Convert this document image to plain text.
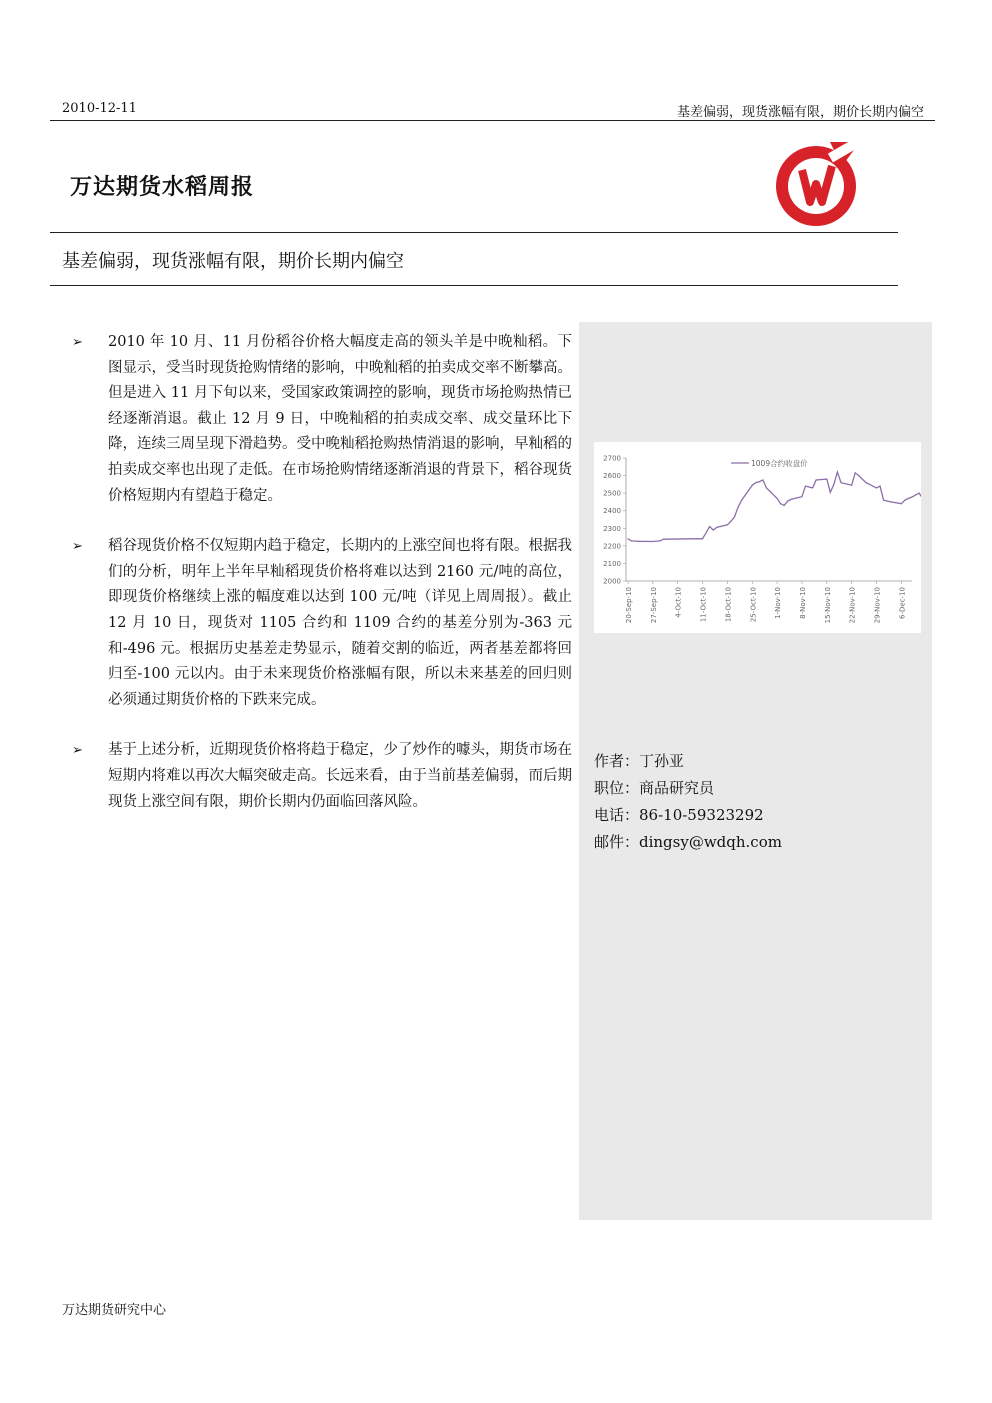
2010-12-11	基差偏弱，现货涨幅有限，期价长期内偏空
万达期货水稻周报
基差偏弱，现货涨幅有限，期价长期内偏空
➢	2010 年 10 月、11 月份稻谷价格大幅度走高的领头羊是中晚籼稻。下图显示，受当时现货抢购情绪的影响，中晚籼稻的拍卖成交率不断攀高。但是进入 11 月下旬以来，受国家政策调控的影响，现货市场抢购热情已经逐渐消退。截止 12 月 9 日，中晚籼稻的拍卖成交率、成交量环比下降，连续三周呈现下滑趋势。受中晚籼稻抢购热情消退的影响，早籼稻的拍卖成交率也出现了走低。在市场抢购情绪逐渐消退的背景下，稻谷现货价格短期内有望趋于稳定。
➢	稻谷现货价格不仅短期内趋于稳定，长期内的上涨空间也将有限。根据我们的分析，明年上半年早籼稻现货价格将难以达到 2160 元/吨的高位，即现货价格继续上涨的幅度难以达到 100 元/吨（详见上周周报）。截止 12 月 10 日，现货对 1105 合约和 1109 合约的基差分别为-363 元和-496 元。根据历史基差走势显示，随着交割的临近，两者基差都将回归至-100 元以内。由于未来现货价格涨幅有限，所以未来基差的回归则必须通过期货价格的下跌来完成。
➢	基于上述分析，近期现货价格将趋于稳定，少了炒作的噱头，期货市场在短期内将难以再次大幅突破走高。长远来看，由于当前基差偏弱，而后期现货上涨空间有限，期价长期内仍面临回落风险。
2000
2100
2200
2300
2400
2500
2600
2700
20-Sep-10 27-Sep-10 4-Oct-10 11-Oct-10 18-Oct-10 25-Oct-10 1-Nov-10 8-Nov-10 15-Nov-10 22-Nov-10 29-Nov-10 6-Dec-10
1009合约收盘价
作者：丁孙亚
职位：商品研究员
电话：86-10-59323292
邮件：dingsy@wdqh.com
万达期货研究中心
